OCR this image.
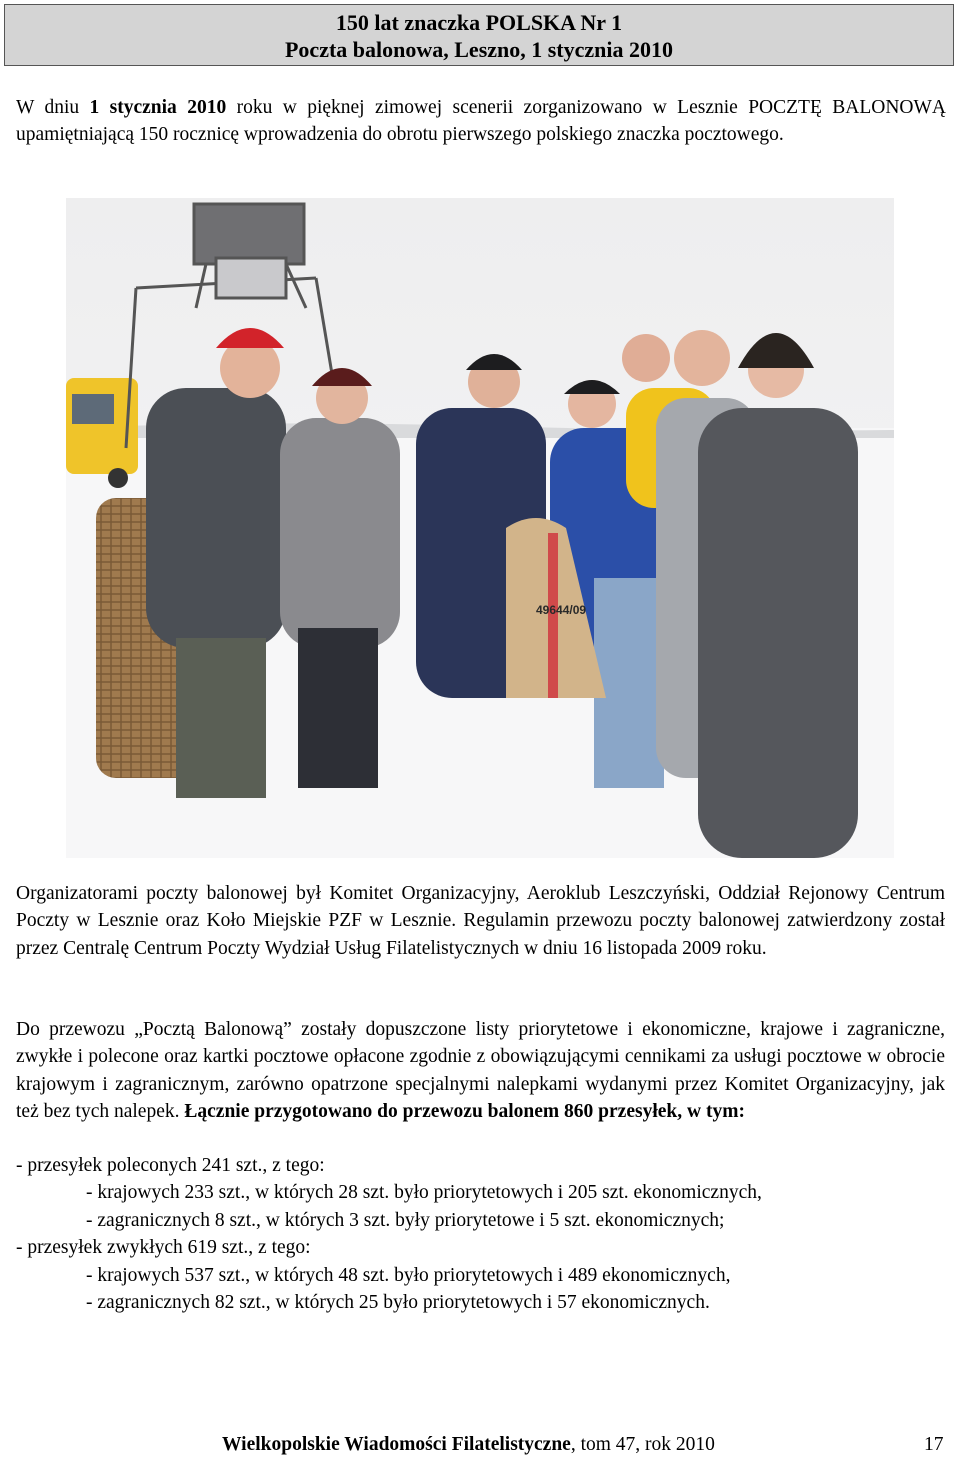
150 lat znaczka POLSKA Nr 1
Poczta balonowa, Leszno, 1 stycznia 2010

W dniu 1 stycznia 2010 roku w pięknej zimowej scenerii zorganizowano w Lesznie POCZTĘ BALONOWĄ upamiętniającą 150 rocznicę wprowadzenia do obrotu pierwszego polskiego znaczka pocztowego.

49644/09

Organizatorami poczty balonowej był Komitet Organizacyjny, Aeroklub Leszczyński, Oddział Rejonowy Centrum Poczty w Lesznie oraz Koło Miejskie PZF w Lesznie. Regulamin przewozu poczty balonowej zatwierdzony został przez Centralę Centrum Poczty Wydział Usług Filatelistycznych w dniu 16 listopada 2009 roku.

Do przewozu „Pocztą Balonową” zostały dopuszczone listy priorytetowe i ekonomiczne, krajowe i zagraniczne, zwykłe i polecone oraz kartki pocztowe opłacone zgodnie z obowiązującymi cennikami za usługi pocztowe w obrocie krajowym i zagranicznym, zarówno opatrzone specjalnymi nalepkami wydanymi przez Komitet Organizacyjny, jak też bez tych nalepek. Łącznie przygotowano do przewozu balonem 860 przesyłek, w tym:

- przesyłek poleconych 241 szt., z tego:
- krajowych 233 szt., w których 28 szt. było priorytetowych i 205 szt. ekonomicznych,
- zagranicznych 8 szt., w których 3 szt. były priorytetowe i 5 szt. ekonomicznych;
- przesyłek zwykłych 619 szt., z tego:
- krajowych 537 szt., w których 48 szt. było priorytetowych i 489 ekonomicznych,
- zagranicznych 82 szt., w których 25 było priorytetowych i 57 ekonomicznych.
Wielkopolskie Wiadomości Filatelistyczne, tom 47, rok 2010	17
